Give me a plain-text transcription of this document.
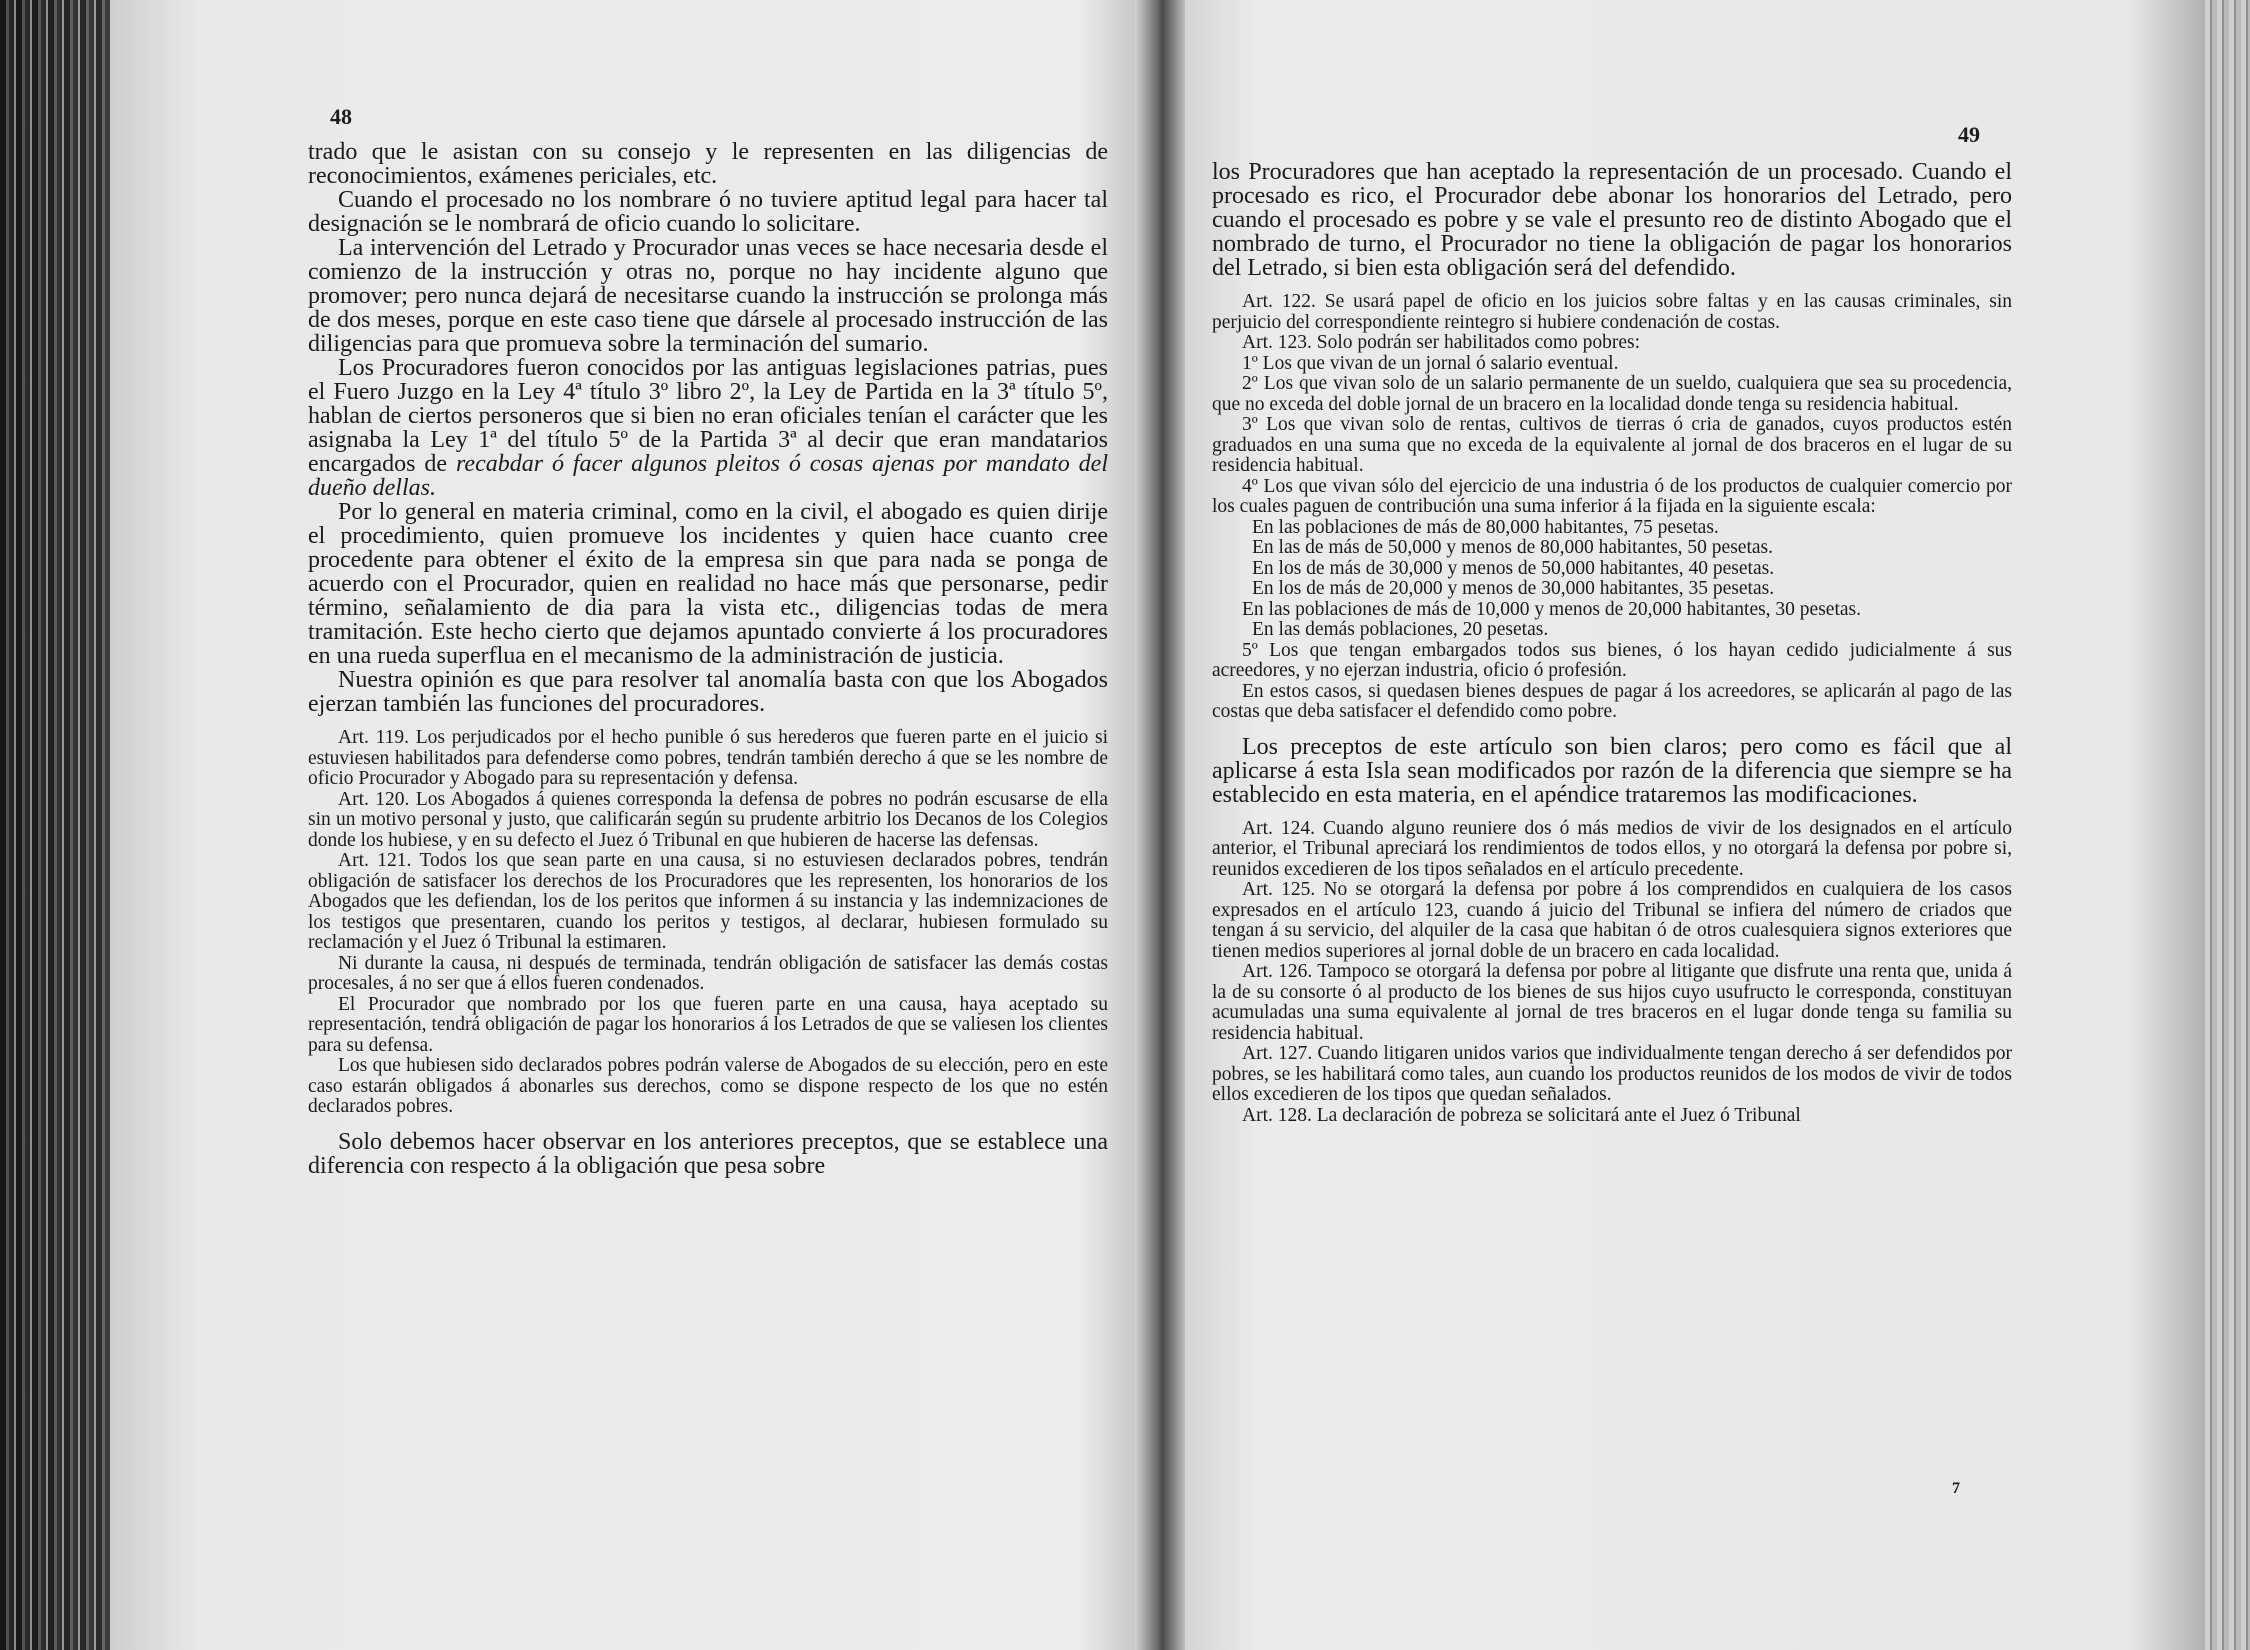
48
49

trado que le asistan con su consejo y le representen en las diligencias de reconocimientos, exámenes periciales, etc.

Cuando el procesado no los nombrare ó no tuviere aptitud legal para hacer tal designación se le nombrará de oficio cuando lo solicitare.

La intervención del Letrado y Procurador unas veces se hace necesaria desde el comienzo de la instrucción y otras no, porque no hay incidente alguno que promover; pero nunca dejará de necesitarse cuando la instrucción se prolonga más de dos meses, porque en este caso tiene que dársele al procesado instrucción de las diligencias para que promueva sobre la terminación del sumario.

Los Procuradores fueron conocidos por las antiguas legislaciones patrias, pues el Fuero Juzgo en la Ley 4ª título 3º libro 2º, la Ley de Partida en la 3ª título 5º, hablan de ciertos personeros que si bien no eran oficiales tenían el carácter que les asignaba la Ley 1ª del título 5º de la Partida 3ª al decir que eran mandatarios encargados de recabdar ó facer algunos pleitos ó cosas ajenas por mandato del dueño dellas.

Por lo general en materia criminal, como en la civil, el abogado es quien dirije el procedimiento, quien promueve los incidentes y quien hace cuanto cree procedente para obtener el éxito de la empresa sin que para nada se ponga de acuerdo con el Procurador, quien en realidad no hace más que personarse, pedir término, señalamiento de dia para la vista etc., diligencias todas de mera tramitación. Este hecho cierto que dejamos apuntado convierte á los procuradores en una rueda superflua en el mecanismo de la administración de justicia.

Nuestra opinión es que para resolver tal anomalía basta con que los Abogados ejerzan también las funciones del procuradores.

Art. 119. Los perjudicados por el hecho punible ó sus herederos que fueren parte en el juicio si estuviesen habilitados para defenderse como pobres, tendrán también derecho á que se les nombre de oficio Procurador y Abogado para su representación y defensa.

Art. 120. Los Abogados á quienes corresponda la defensa de pobres no podrán escusarse de ella sin un motivo personal y justo, que calificarán según su prudente arbitrio los Decanos de los Colegios donde los hubiese, y en su defecto el Juez ó Tribunal en que hubieren de hacerse las defensas.

Art. 121. Todos los que sean parte en una causa, si no estuviesen declarados pobres, tendrán obligación de satisfacer los derechos de los Procuradores que les representen, los honorarios de los Abogados que les defiendan, los de los peritos que informen á su instancia y las indemnizaciones de los testigos que presentaren, cuando los peritos y testigos, al declarar, hubiesen formulado su reclamación y el Juez ó Tribunal la estimaren.

Ni durante la causa, ni después de terminada, tendrán obligación de satisfacer las demás costas procesales, á no ser que á ellos fueren condenados.

El Procurador que nombrado por los que fueren parte en una causa, haya aceptado su representación, tendrá obligación de pagar los honorarios á los Letrados de que se valiesen los clientes para su defensa.

Los que hubiesen sido declarados pobres podrán valerse de Abogados de su elección, pero en este caso estarán obligados á abonarles sus derechos, como se dispone respecto de los que no estén declarados pobres.

Solo debemos hacer observar en los anteriores preceptos, que se establece una diferencia con respecto á la obligación que pesa sobre

los Procuradores que han aceptado la representación de un procesado. Cuando el procesado es rico, el Procurador debe abonar los honorarios del Letrado, pero cuando el procesado es pobre y se vale el presunto reo de distinto Abogado que el nombrado de turno, el Procurador no tiene la obligación de pagar los honorarios del Letrado, si bien esta obligación será del defendido.

Art. 122. Se usará papel de oficio en los juicios sobre faltas y en las causas criminales, sin perjuicio del correspondiente reintegro si hubiere condenación de costas.

Art. 123. Solo podrán ser habilitados como pobres:

1º Los que vivan de un jornal ó salario eventual.

2º Los que vivan solo de un salario permanente de un sueldo, cualquiera que sea su procedencia, que no exceda del doble jornal de un bracero en la localidad donde tenga su residencia habitual.

3º Los que vivan solo de rentas, cultivos de tierras ó cria de ganados, cuyos productos estén graduados en una suma que no exceda de la equivalente al jornal de dos braceros en el lugar de su residencia habitual.

4º Los que vivan sólo del ejercicio de una industria ó de los productos de cualquier comercio por los cuales paguen de contribución una suma inferior á la fijada en la siguiente escala:

En las poblaciones de más de 80,000 habitantes, 75 pesetas.

En las de más de 50,000 y menos de 80,000 habitantes, 50 pesetas.

En los de más de 30,000 y menos de 50,000 habitantes, 40 pesetas.

En los de más de 20,000 y menos de 30,000 habitantes, 35 pesetas.

En las poblaciones de más de 10,000 y menos de 20,000 habitantes, 30 pesetas.

En las demás poblaciones, 20 pesetas.

5º Los que tengan embargados todos sus bienes, ó los hayan cedido judicialmente á sus acreedores, y no ejerzan industria, oficio ó profesión.

En estos casos, si quedasen bienes despues de pagar á los acreedores, se aplicarán al pago de las costas que deba satisfacer el defendido como pobre.

Los preceptos de este artículo son bien claros; pero como es fácil que al aplicarse á esta Isla sean modificados por razón de la diferencia que siempre se ha establecido en esta materia, en el apéndice trataremos las modificaciones.

Art. 124. Cuando alguno reuniere dos ó más medios de vivir de los designados en el artículo anterior, el Tribunal apreciará los rendimientos de todos ellos, y no otorgará la defensa por pobre si, reunidos excedieren de los tipos señalados en el artículo precedente.

Art. 125. No se otorgará la defensa por pobre á los comprendidos en cualquiera de los casos expresados en el artículo 123, cuando á juicio del Tribunal se infiera del número de criados que tengan á su servicio, del alquiler de la casa que habitan ó de otros cualesquiera signos exteriores que tienen medios superiores al jornal doble de un bracero en cada localidad.

Art. 126. Tampoco se otorgará la defensa por pobre al litigante que disfrute una renta que, unida á la de su consorte ó al producto de los bienes de sus hijos cuyo usufructo le corresponda, constituyan acumuladas una suma equivalente al jornal de tres braceros en el lugar donde tenga su familia su residencia habitual.

Art. 127. Cuando litigaren unidos varios que individualmente tengan derecho á ser defendidos por pobres, se les habilitará como tales, aun cuando los productos reunidos de los modos de vivir de todos ellos excedieren de los tipos que quedan señalados.

Art. 128. La declaración de pobreza se solicitará ante el Juez ó Tribunal

7
